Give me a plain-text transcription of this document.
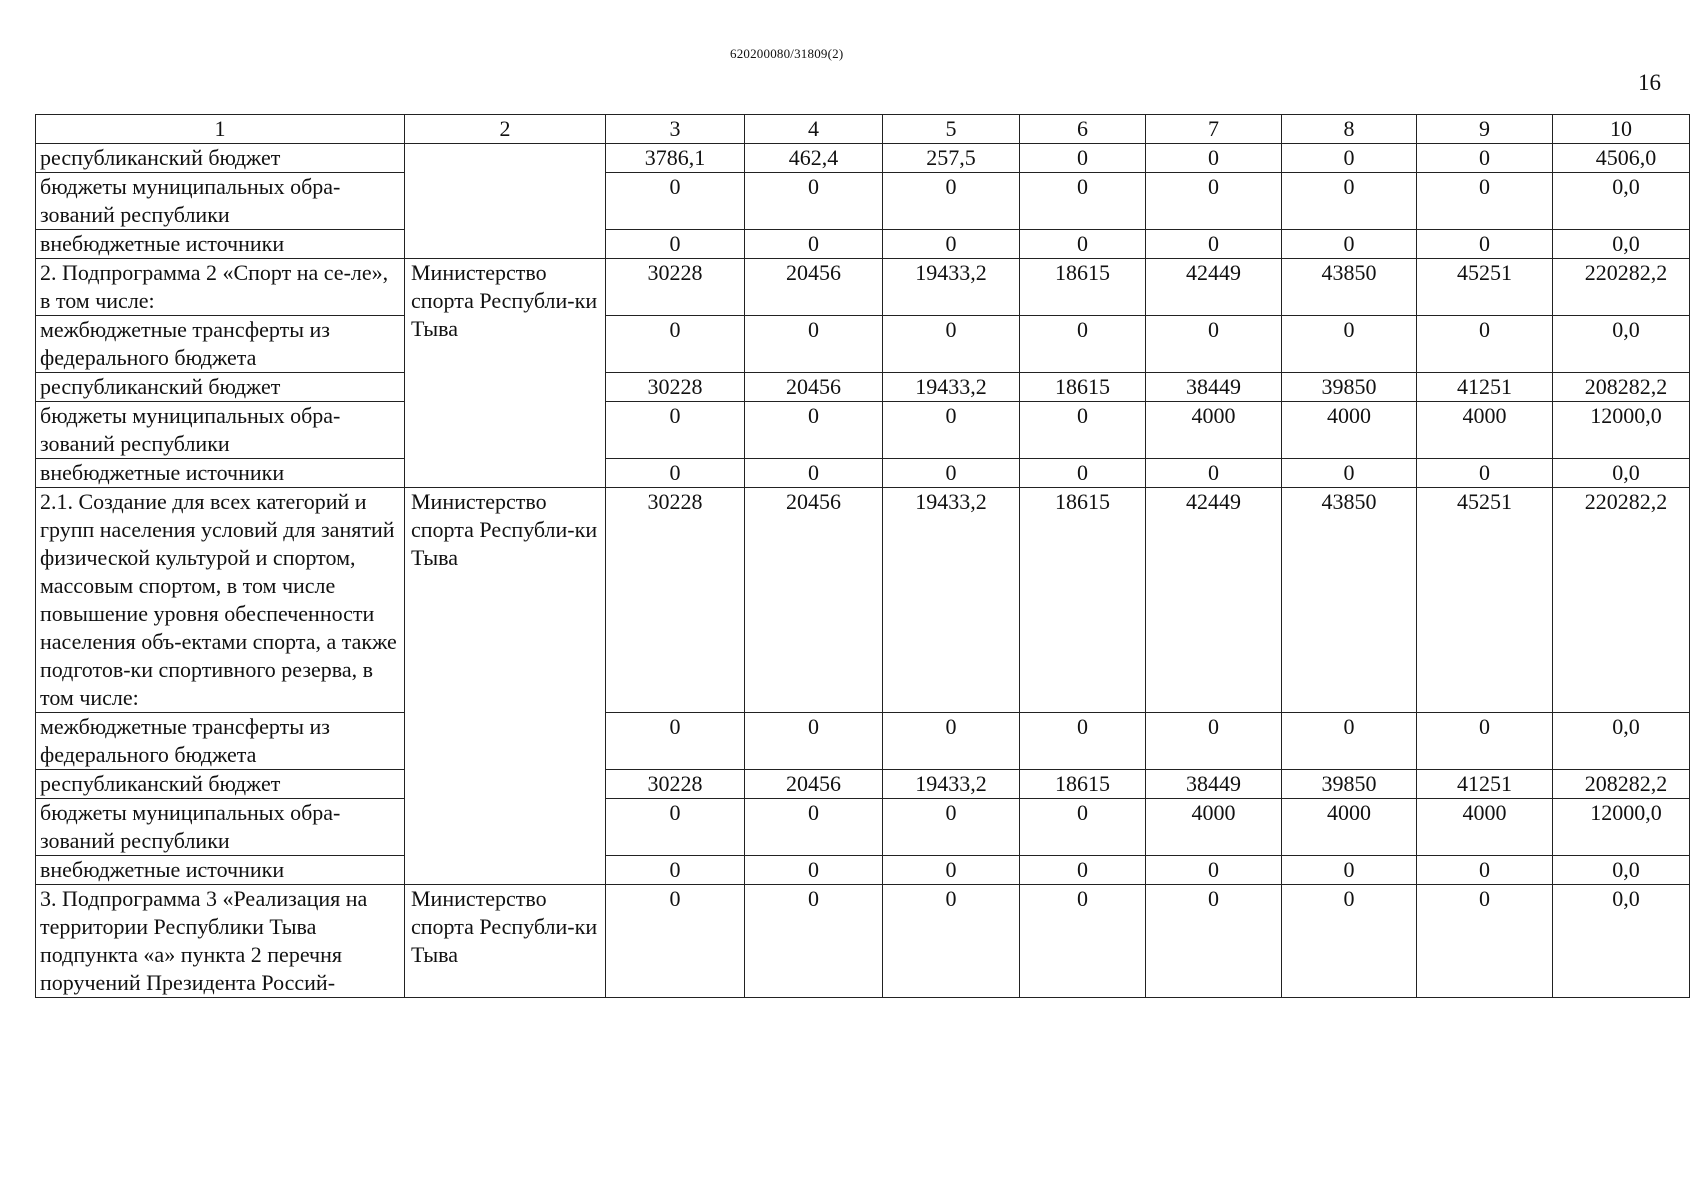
620200080/31809(2)
16
1	2	3	4	5	6	7	8	9	10
республиканский бюджет		3786,1	462,4	257,5	0	0	0	0	4506,0
бюджеты муниципальных обра-зований республики		0	0	0	0	0	0	0	0,0
внебюджетные источники		0	0	0	0	0	0	0	0,0
2. Подпрограмма 2 «Спорт на се-ле», в том числе:	Министерство спорта Республи-ки Тыва	30228	20456	19433,2	18615	42449	43850	45251	220282,2
межбюджетные трансферты из федерального бюджета		0	0	0	0	0	0	0	0,0
республиканский бюджет		30228	20456	19433,2	18615	38449	39850	41251	208282,2
бюджеты муниципальных обра-зований республики		0	0	0	0	4000	4000	4000	12000,0
внебюджетные источники		0	0	0	0	0	0	0	0,0
2.1. Создание для всех категорий и групп населения условий для занятий физической культурой и спортом, массовым спортом, в том числе повышение уровня обеспеченности населения объ-ектами спорта, а также подготов-ки спортивного резерва, в том числе:	Министерство спорта Республи-ки Тыва	30228	20456	19433,2	18615	42449	43850	45251	220282,2
межбюджетные трансферты из федерального бюджета		0	0	0	0	0	0	0	0,0
республиканский бюджет		30228	20456	19433,2	18615	38449	39850	41251	208282,2
бюджеты муниципальных обра-зований республики		0	0	0	0	4000	4000	4000	12000,0
внебюджетные источники		0	0	0	0	0	0	0	0,0
3. Подпрограмма 3 «Реализация на территории Республики Тыва подпункта «а» пункта 2 перечня поручений Президента Россий-	Министерство спорта Республи-ки Тыва	0	0	0	0	0	0	0	0,0
